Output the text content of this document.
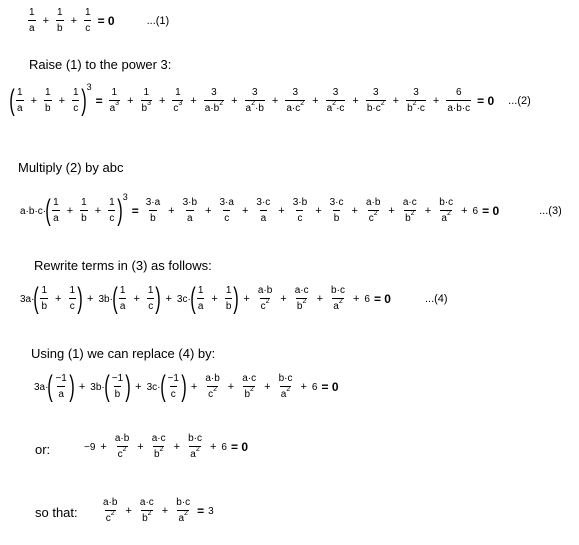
$\frac{1}{a} + \frac{1}{b} + \frac{1}{c} = 0$	...(1)
Raise (1) to the power 3:
( $\frac{1}{a} + \frac{1}{b} + \frac{1}{c}$ ) 3
= $\frac{1}{a^3} + \frac{1}{b^3} + \frac{1}{c^3} + \frac{3}{a\cdot b^2} + \frac{3}{a^2\cdot b} + \frac{3}{a\cdot c^2} + \frac{3}{a^2\cdot c} + \frac{3}{b\cdot c^2} + \frac{3}{b^2\cdot c} + \frac{6}{a\cdot b\cdot c} = 0$ ...(2)
Multiply (2) by abc
a·b·c· ( $\frac{1}{a} + \frac{1}{b} + \frac{1}{c}$ ) 3
= $\frac{3\cdot a}{b} + \frac{3\cdot b}{a} + \frac{3\cdot a}{c} + \frac{3\cdot c}{a} + \frac{3\cdot b}{c} + \frac{3\cdot c}{b} + \frac{a\cdot b}{c^2} + \frac{a\cdot c}{b^2} + \frac{b\cdot c}{a^2} + 6 = 0$	...(3)
Rewrite terms in (3) as follows:
3a· ( $\frac{1}{b} + \frac{1}{c}$ ) + 3b· ( $\frac{1}{a} + \frac{1}{c}$ ) + 3c· ( $\frac{1}{a} + \frac{1}{b}$ ) + $\frac{a\cdot b}{c^2} + \frac{a\cdot c}{b^2} + \frac{b\cdot c}{a^2} + 6 = 0$	...(4)
Using (1) we can replace (4) by:
3a· ( $\frac{-1}{a}$ ) + 3b· ( $\frac{-1}{b}$ ) + 3c· ( $\frac{-1}{c}$ ) + $\frac{a\cdot b}{c^2} + \frac{a\cdot c}{b^2} + \frac{b\cdot c}{a^2} + 6 = 0$
or:	$-9 + \frac{a\cdot b}{c^2} + \frac{a\cdot c}{b^2} + \frac{b\cdot c}{a^2} + 6 = 0$
so that: $\frac{a\cdot b}{c^2} + \frac{a\cdot c}{b^2} + \frac{b\cdot c}{a^2} = 3$
